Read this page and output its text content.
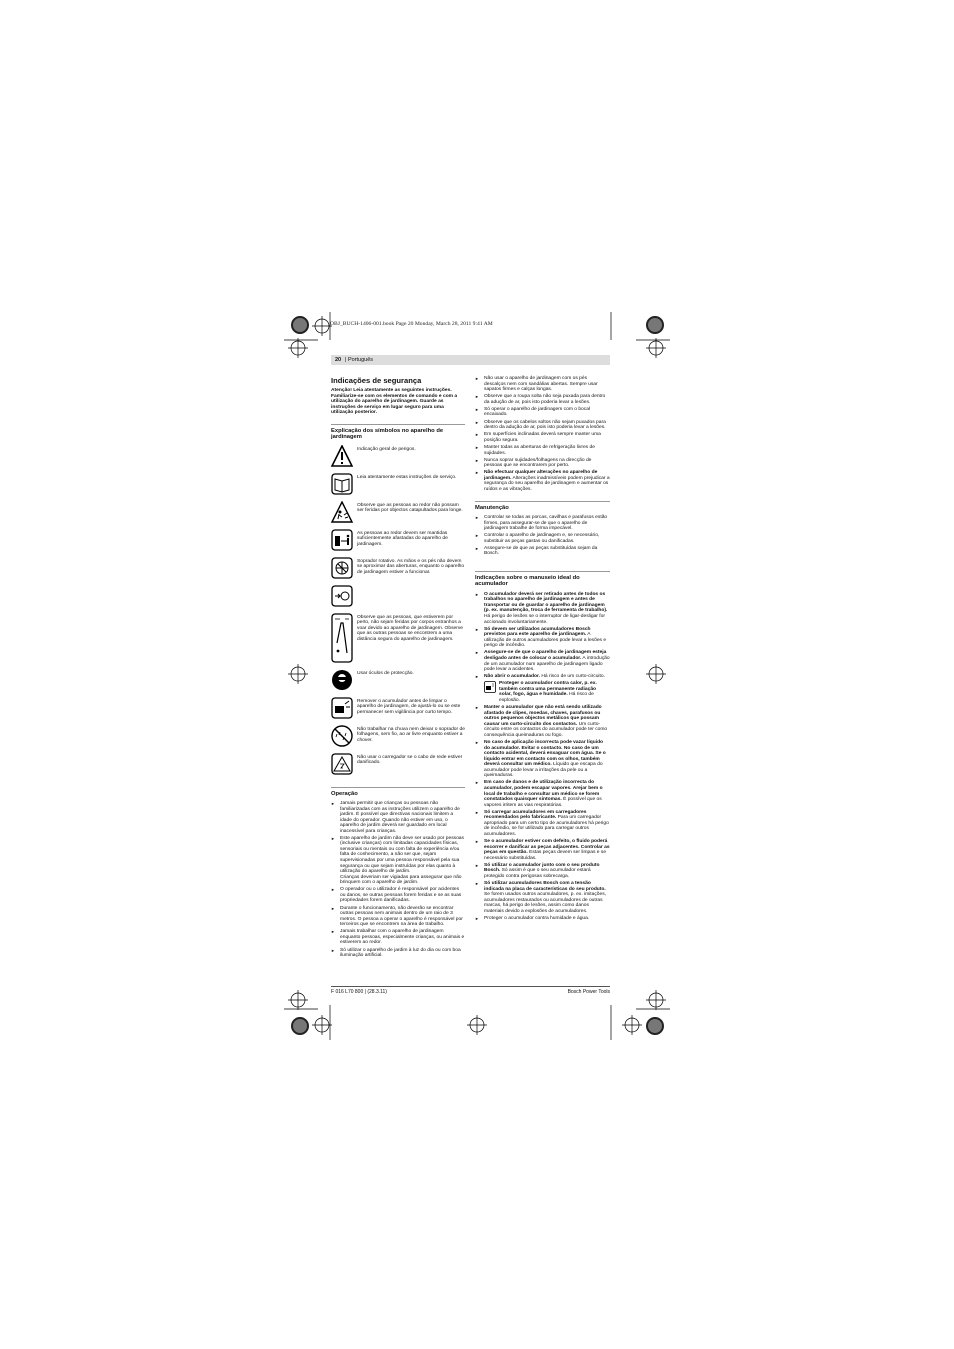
OBJ_BUCH-1406-001.book Page 20 Monday, March 28, 2011 9:41 AM
20 | Português
Indicações de segurança

Atenção! Leia atentamente as seguintes instruções. Familiarize-se com os elementos de comando e com a utilização do aparelho de jardinagem. Guarde as instruções de serviço em lugar seguro para uma utilização posterior.

Explicação dos símbolos no aparelho de jardinagem

Indicação geral de perigos.

Leia atentamente estas instruções de serviço.

Observe que as pessoas ao redor não possam ser feridas por objectos catapultados para longe.

As pessoas ao redor devem ser mantidas suficientemente afastadas do aparelho de jardinagem.

Soprador rotativo. As mãos e os pés não devem se aproximar das aberturas, enquanto o aparelho de jardinagem estiver a funcionar.

Observe que as pessoas, que estiverem por perto, não sejam feridas por corpos estranhos a voar devido ao aparelho de jardinagem. Observe que as outras pessoas se encontrem a uma distância segura do aparelho de jardinagem.

Usar óculos de protecção.

Remover o acumulador antes de limpar o aparelho de jardinagem, de ajustá-lo ou se este permanecer sem vigilância por curto tempo.

Não trabalhar na chuva nem deixar o soprador de folhagens, sem fio, ao ar livre enquanto estiver a chover.

Não usar o carregador se o cabo de rede estiver danificado.

Operação
► Jamais permitir que crianças ou pessoas não familiarizadas com as instruções utilizem o aparelho de jardim. É possível que directivas nacionais limitem a idade do operador. Quando não estiver em uso, o aparelho de jardim deverá ser guardado em local inacessível para crianças.
► Este aparelho de jardim não deve ser usado por pessoas (inclusive crianças) com limitadas capacidades físicas, sensoriais ou mentais ou com falta de experiência e/ou falta de conhecimento, a não ser que, sejam supervisionadas por uma pessoa responsável pela sua segurança ou que sejam instruídas por elas quanto à utilização do aparelho de jardim.
Crianças deveriam ser vigiadas para assegurar que não brinquem com o aparelho de jardim.
► O operador ou o utilizador é responsável por acidentes ou danos, se outras pessoas forem feridas e se as suas propriedades forem danificadas.
► Durante o funcionamento, não deverão se encontrar outras pessoas nem animais dentro de um raio de 3 metros. O pessoa a operar o aparelho é responsável por terceiros que se encontrem na área de trabalho.
► Jamais trabalhar com o aparelho de jardinagem enquanto pessoas, especialmente crianças, ou animais e estiverem ao redor.
► Só utilizar o aparelho de jardim à luz do dia ou com boa iluminação artificial.
► Não usar o aparelho de jardinagem com os pés descalços nem com sandálias abertas. Sempre usar sapatos firmes e calças longas.
► Observe que a roupa solta não seja puxada para dentro da adução de ar, pois isto poderia levar a lesões.
► Só operar o aparelho de jardinagem com o bocal encaixado.
► Observe que os cabelos soltos não sejam puxados para dentro da adução de ar, pois isto poderia levar a lesões.
► Em superfícies inclinadas deverá sempre manter uma posição segura.
► Manter todas as aberturas de refrigeração livres de sujidades.
► Nunca soprar sujidades/folhagens na direcção de pessoas que se encontrarem por perto.
► Não efectuar qualquer alterações no aparelho de jardinagem. Alterações inadmissíveis podem prejudicar a segurança do seu aparelho de jardinagem e aumentar os ruídos e as vibrações.
Manutenção
► Controlar se todas as porcas, cavilhas e parafusos estão firmes, para assegurar-se de que o aparelho de jardinagem trabalhe de forma impecável.
► Controlar o aparelho de jardinagem e, se necessário, substituir as peças gastas ou danificadas.
► Assegure-se de que as peças substituídas sejam da Bosch.
Indicações sobre o manuseio ideal do acumulador
► O acumulador deverá ser retirado antes de todos os trabalhos no aparelho de jardinagem e antes de transportar ou de guardar o aparelho de jardinagem (p. ex. manutenção, troca de ferramenta de trabalho). Há perigo de lesões se o interruptor de ligar-desligar for accionado involuntariamente.
► Só devem ser utilizados acumuladores Bosch previstos para este aparelho de jardinagem. A utilização de outros acumuladores pode levar a lesões e perigo de incêndio.
► Assegure-se de que o aparelho de jardinagem esteja desligado antes de colocar o acumulador. A introdução de um acumulador num aparelho de jardinagem ligado pode levar a acidentes.
► Não abrir o acumulador. Há risco de um curto-circuito.

Proteger o acumulador contra calor, p. ex. também contra uma permanente radiação solar, fogo, água e humidade. Há risco de explosão.

► Manter o acumulador que não está sendo utilizado afastado de clipes, moedas, chaves, parafusos ou outros pequenos objectos metálicos que possam causar um curto-circuito dos contactos. Um curto-circuito entre os contactos do acumulador pode ter como consequência queimaduras ou fogo.
► No caso de aplicação incorrecta pode vazar líquido do acumulador. Evitar o contacto. No caso de um contacto acidental, deverá enxaguar com água. Se o líquido entrar em contacto com os olhos, também deverá consultar um médico. Líquido que escapa do acumulador pode levar a irritações da pele ou a queimaduras.
► Em caso de danos e de utilização incorrecta do acumulador, podem escapar vapores. Arejar bem o local de trabalho e consultar um médico se forem constatados quaisquer sintomas. É possível que os vapores irritem as vias respiratórias.
► Só carregar acumuladores em carregadores recomendados pelo fabricante. Para um carregador apropriado para um certo tipo de acumuladores há perigo de incêndio, se for utilizado para carregar outros acumuladores.
► Se o acumulador estiver com defeito, o fluido poderá escorrer e danificar as peças adjacentes. Controlar as peças em questão. Estas peças devem ser limpas e se necessário substituídas.
► Só utilizar o acumulador junto com o seu produto Bosch. Só assim é que o seu acumulador estará protegido contra perigosas sobrecarga.
► Só utilizar acumuladores Bosch com a tensão indicada na placa de características do seu produto. Se forem usados outros acumuladores, p. ex. imitações, acumuladores restaurados ou acumuladores de outras marcas, há perigo de lesões, assim como danos materiais devido a explosões de acumuladores.
► Proteger o acumulador contra humidade e água.
F 016 L70 800 | (28.3.11)	Bosch Power Tools
